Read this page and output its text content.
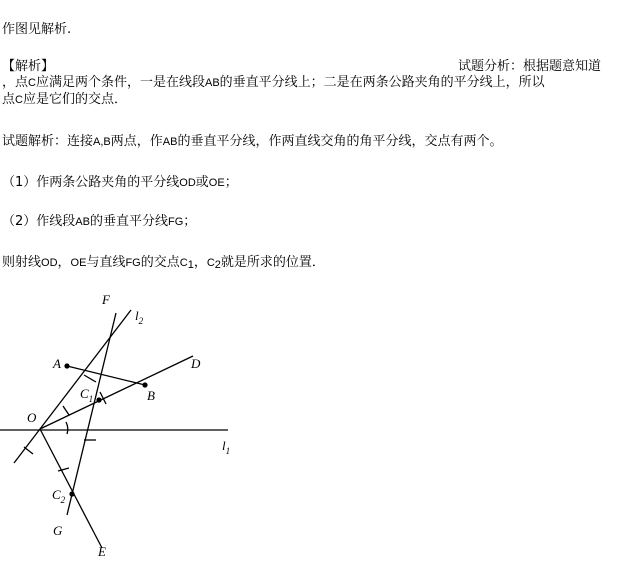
作图见解析.
【解析】	试题分析：根据题意知道
，点C应满足两个条件，一是在线段AB的垂直平分线上；二是在两条公路夹角的平分线上，所以
点C应是它们的交点．
试题解析：连接A,B两点，作AB的垂直平分线，作两直线交角的角平分线，交点有两个。
（1）作两条公路夹角的平分线OD或OE；
（2）作线段AB的垂直平分线FG；
则射线OD，OE与直线FG的交点$C_1$，$C_2$就是所求的位置．
F
$l_2$
A	D
$C_1$	B
O
$l_1$
$C_2$
G
E
